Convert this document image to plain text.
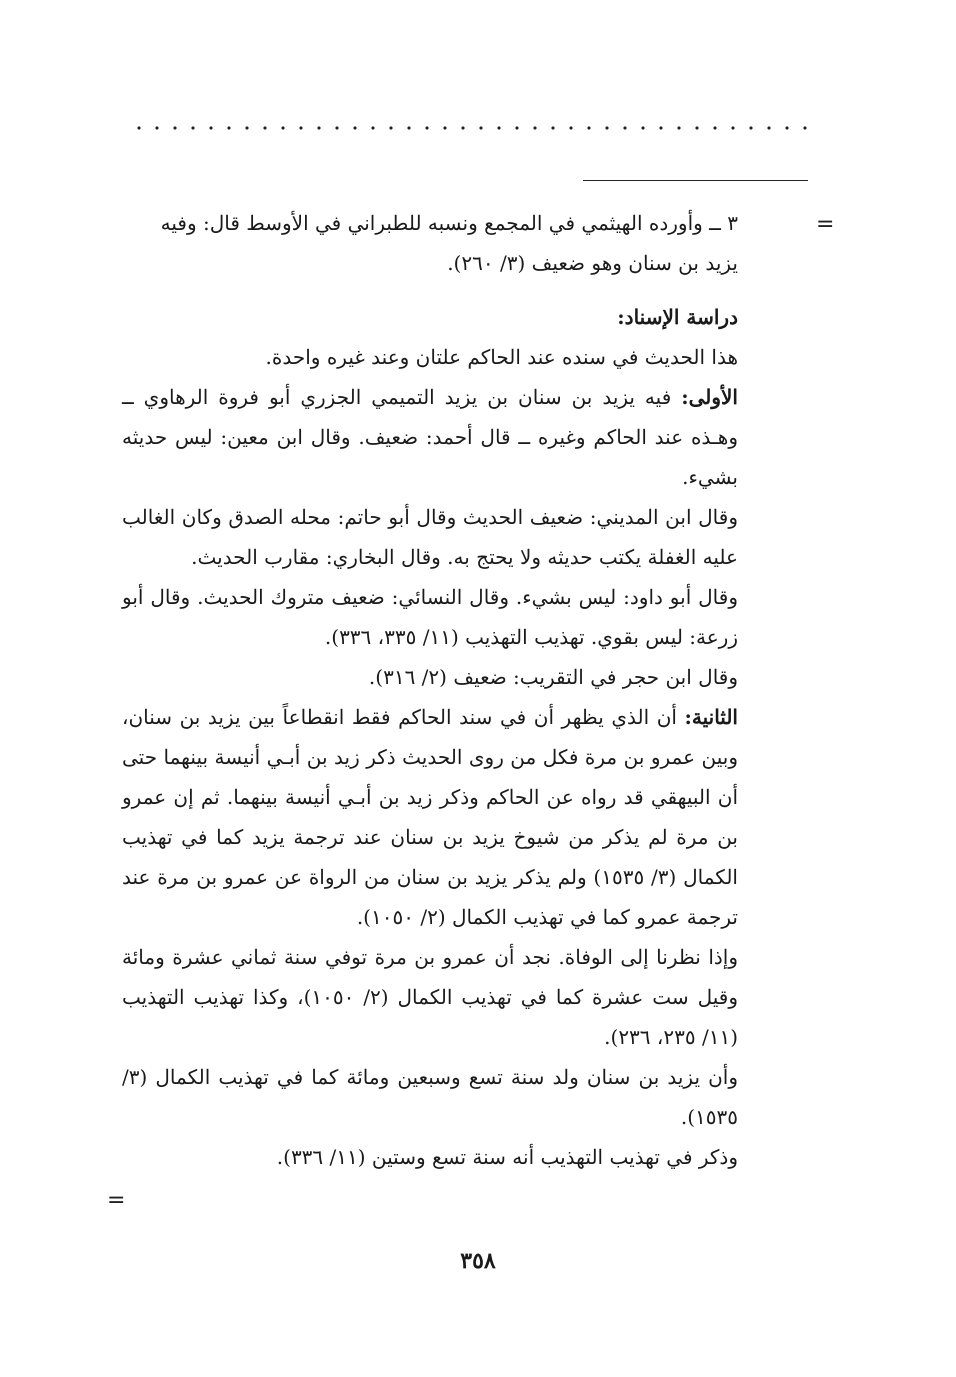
=
=

٣ ــ وأورده الهيثمي في المجمع ونسبه للطبراني في الأوسط قال: وفيه
يزيد بن سنان وهو ضعيف (٣/ ٢٦٠).

دراسة الإسناد:

هذا الحديث في سنده عند الحاكم علتان وعند غيره واحدة.

الأولى: فيه يزيد بن سنان بن يزيد التميمي الجزري أبو فروة الرهاوي ــ وهـذه عند الحاكم وغيره ــ قال أحمد: ضعيف. وقال ابن معين: ليس حديثه بشيء.

وقال ابن المديني: ضعيف الحديث وقال أبو حاتم: محله الصدق وكان الغالب عليه الغفلة يكتب حديثه ولا يحتج به. وقال البخاري: مقارب الحديث.

وقال أبو داود: ليس بشيء. وقال النسائي: ضعيف متروك الحديث. وقال أبو زرعة: ليس بقوي. تهذيب التهذيب (١١/ ٣٣٥، ٣٣٦).

وقال ابن حجر في التقريب: ضعيف (٢/ ٣١٦).

الثانية: أن الذي يظهر أن في سند الحاكم فقط انقطاعاً بين يزيد بن سنان، وبين عمرو بن مرة فكل من روى الحديث ذكر زيد بن أبـي أنيسة بينهما حتى أن البيهقي قد رواه عن الحاكم وذكر زيد بن أبـي أنيسة بينهما. ثم إن عمرو بن مرة لم يذكر من شيوخ يزيد بن سنان عند ترجمة يزيد كما في تهذيب الكمال (٣/ ١٥٣٥) ولم يذكر يزيد بن سنان من الرواة عن عمرو بن مرة عند ترجمة عمرو كما في تهذيب الكمال (٢/ ١٠٥٠).

وإذا نظرنا إلى الوفاة. نجد أن عمرو بن مرة توفي سنة ثماني عشرة ومائة وقيل ست عشرة كما في تهذيب الكمال (٢/ ١٠٥٠)، وكذا تهذيب التهذيب (١١/ ٢٣٥، ٢٣٦).

وأن يزيد بن سنان ولد سنة تسع وسبعين ومائة كما في تهذيب الكمال (٣/ ١٥٣٥).

وذكر في تهذيب التهذيب أنه سنة تسع وستين (١١/ ٣٣٦).

٣٥٨
